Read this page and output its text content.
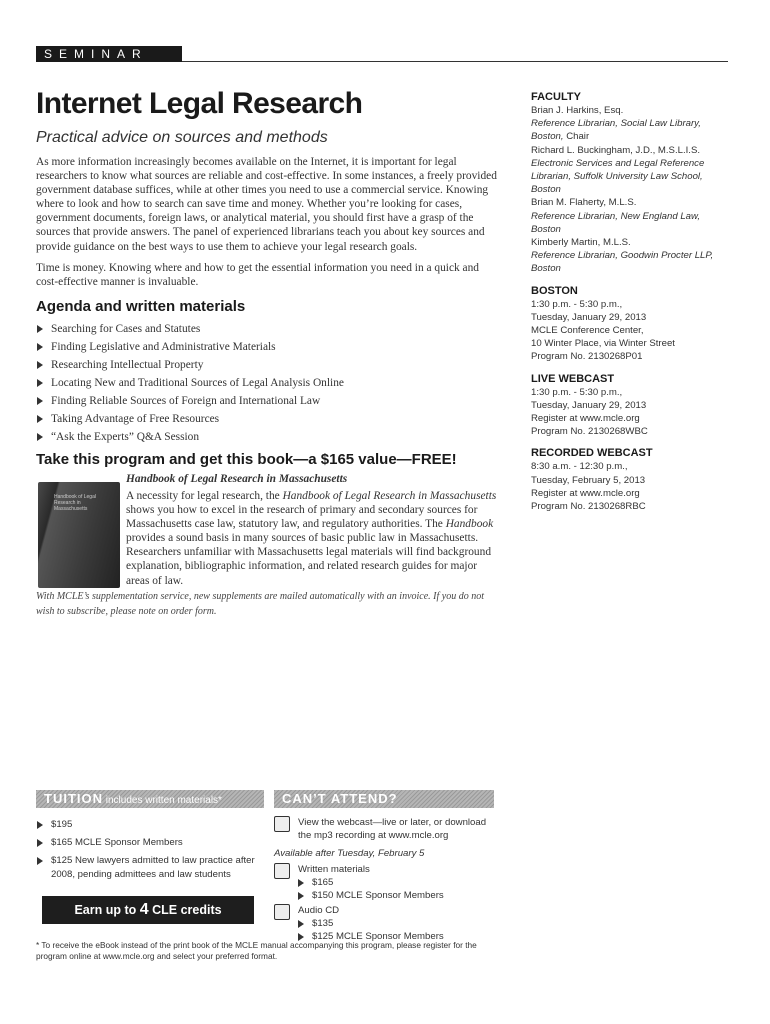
SEMINAR
Internet Legal Research
Practical advice on sources and methods

As more information increasingly becomes available on the Internet, it is important for legal researchers to know what sources are reliable and cost-effective. In some instances, a freely provided government database suffices, while at other times you need to use a commercial service. Knowing where to look and how to search can save time and money. Whether you’re looking for cases, government documents, foreign laws, or analytical material, you should first have a grasp of the sources that provide answers. The panel of experienced librarians teach you about key sources and provide guidance on the best ways to use them to achieve your legal research goals.

Time is money. Knowing where and how to get the essential information you need in a quick and cost-effective manner is invaluable.

Agenda and written materials
Searching for Cases and Statutes
Finding Legislative and Administrative Materials
Researching Intellectual Property
Locating New and Traditional Sources of Legal Analysis Online
Finding Reliable Sources of Foreign and International Law
Taking Advantage of Free Resources
“Ask the Experts” Q&A Session
Take this program and get this book—a $165 value—FREE!
Handbook of Legal Research in Massachusetts
Handbook of Legal Research in Massachusetts
A necessity for legal research, the Handbook of Legal Research in Massachusetts shows you how to excel in the research of primary and secondary sources for Massachusetts case law, statutory law, and regulatory authorities. The Handbook provides a sound basis in many sources of basic public law in Massachusetts. Researchers unfamiliar with Massachusetts legal materials will find background explanation, bibliographic information, and related research guides for major areas of law.
With MCLE’s supplementation service, new supplements are mailed automatically with an invoice. If you do not wish to subscribe, please note on order form.
FACULTY
Brian J. Harkins, Esq.
Reference Librarian, Social Law Library, Boston, Chair
Richard L. Buckingham, J.D., M.S.L.I.S.
Electronic Services and Legal Reference Librarian, Suffolk University Law School, Boston
Brian M. Flaherty, M.L.S.
Reference Librarian, New England Law, Boston
Kimberly Martin, M.L.S.
Reference Librarian, Goodwin Procter LLP, Boston
BOSTON
1:30 p.m. - 5:30 p.m.,
Tuesday, January 29, 2013
MCLE Conference Center,
10 Winter Place, via Winter Street
Program No. 2130268P01
LIVE WEBCAST
1:30 p.m. - 5:30 p.m.,
Tuesday, January 29, 2013
Register at www.mcle.org
Program No. 2130268WBC
RECORDED WEBCAST
8:30 a.m. - 12:30 p.m.,
Tuesday, February 5, 2013
Register at www.mcle.org
Program No. 2130268RBC
TUITION includes written materials*	CAN’T ATTEND?
$195
$165 MCLE Sponsor Members
$125 New lawyers admitted to law practice after 2008, pending admittees and law students
Earn up to 4 CLE credits
View the webcast—live or later, or download the mp3 recording at www.mcle.org
Available after Tuesday, February 5
Written materials
$165
$150 MCLE Sponsor Members
Audio CD
$135
$125 MCLE Sponsor Members
* To receive the eBook instead of the print book of the MCLE manual accompanying this program, please register for the program online at www.mcle.org and select your preferred format.
